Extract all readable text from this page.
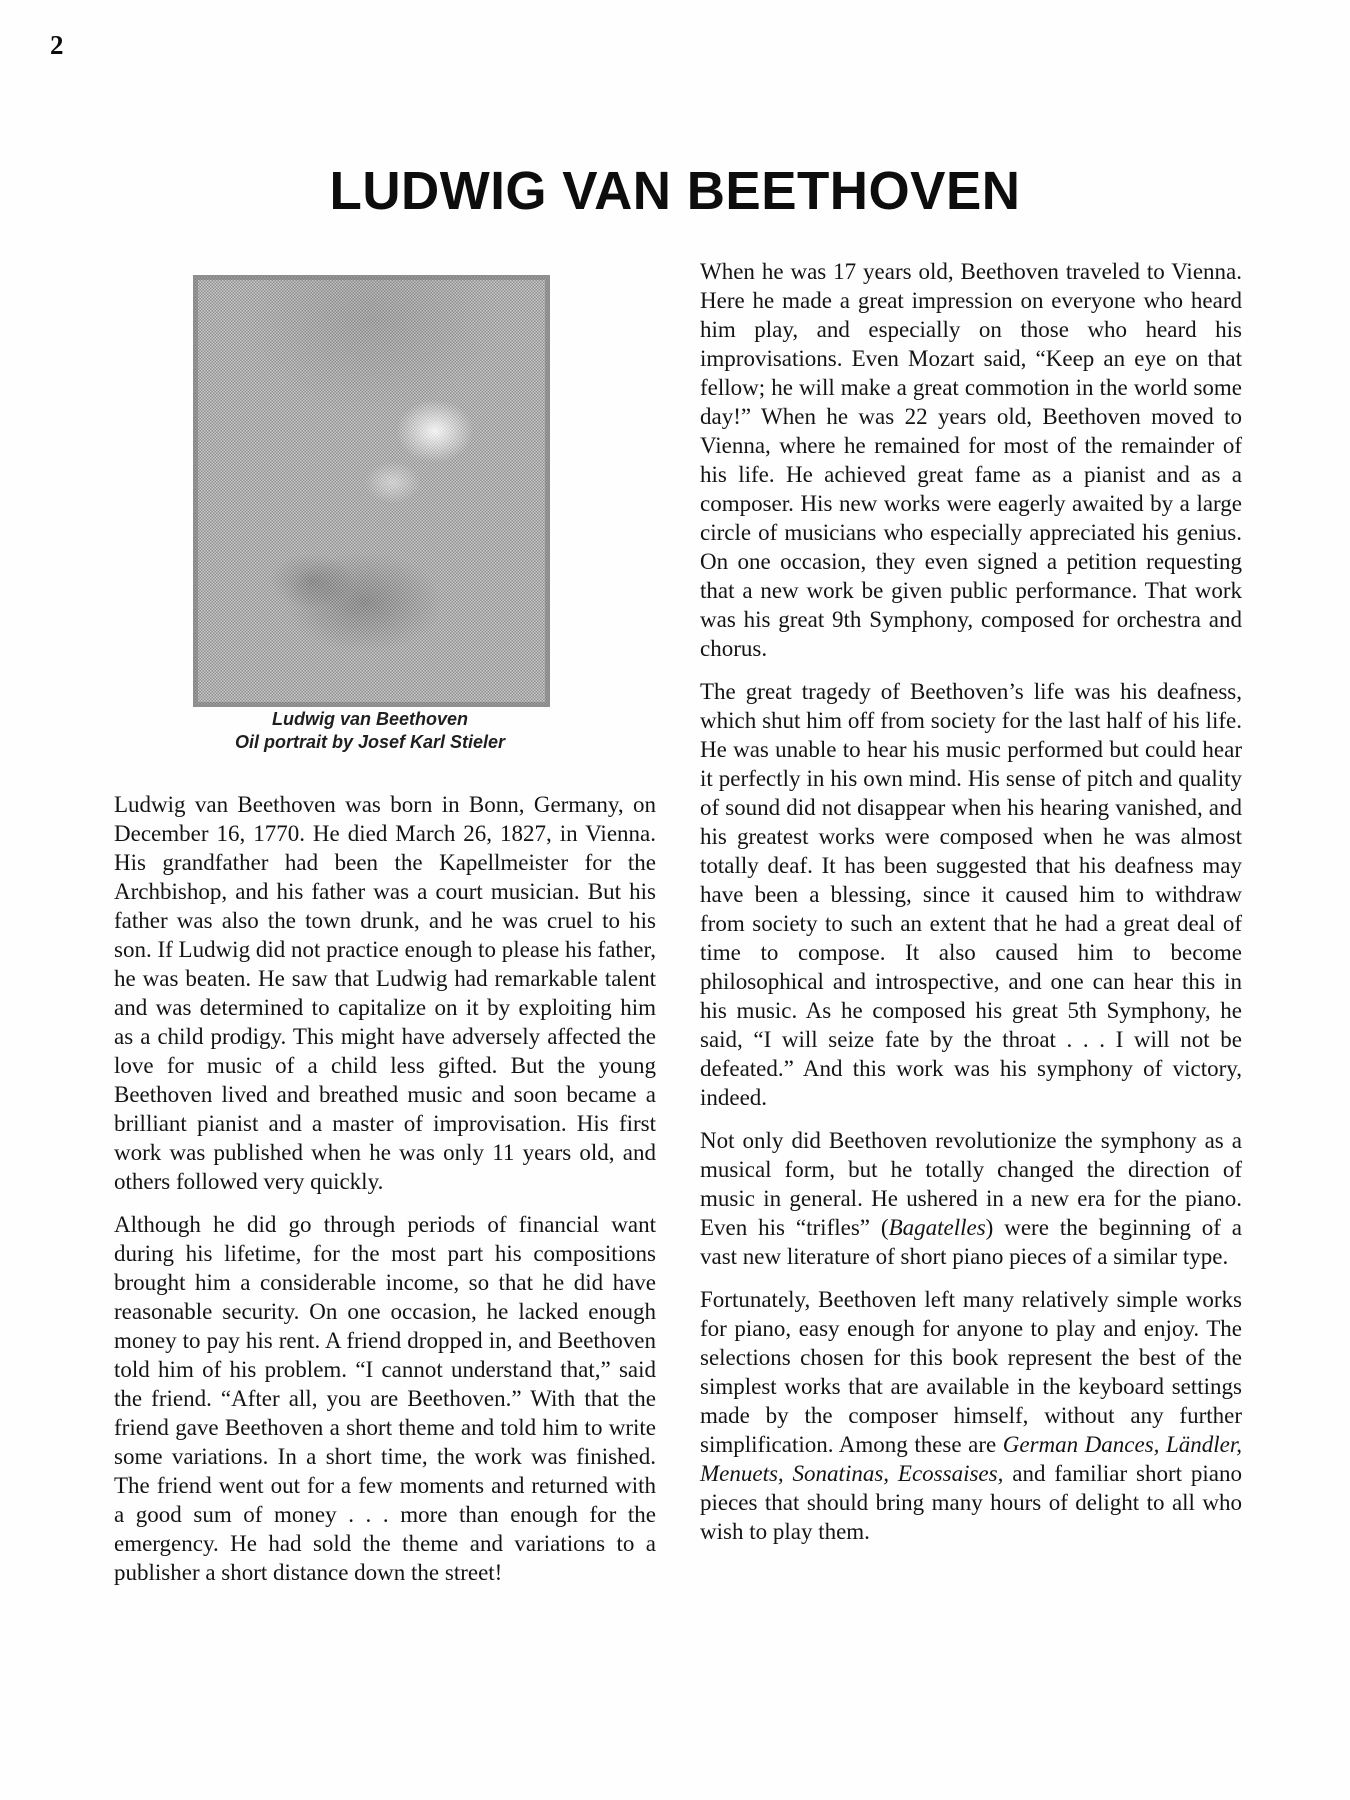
2
LUDWIG VAN BEETHOVEN
Ludwig van Beethoven
Oil portrait by Josef Karl Stieler

Ludwig van Beethoven was born in Bonn, Germany, on December 16, 1770. He died March 26, 1827, in Vienna. His grandfather had been the Kapellmeister for the Archbishop, and his father was a court musician. But his father was also the town drunk, and he was cruel to his son. If Ludwig did not practice enough to please his father, he was beaten. He saw that Ludwig had remarkable talent and was determined to capitalize on it by exploiting him as a child prodigy. This might have adversely affected the love for music of a child less gifted. But the young Beethoven lived and breathed music and soon became a brilliant pianist and a master of improvisation. His first work was published when he was only 11 years old, and others followed very quickly.

Although he did go through periods of financial want during his lifetime, for the most part his compositions brought him a considerable income, so that he did have reasonable security. On one occasion, he lacked enough money to pay his rent. A friend dropped in, and Beethoven told him of his problem. “I cannot understand that,” said the friend. “After all, you are Beethoven.” With that the friend gave Beethoven a short theme and told him to write some variations. In a short time, the work was finished. The friend went out for a few moments and returned with a good sum of money . . . more than enough for the emergency. He had sold the theme and variations to a publisher a short distance down the street!

When he was 17 years old, Beethoven traveled to Vienna. Here he made a great impression on everyone who heard him play, and especially on those who heard his improvisations. Even Mozart said, “Keep an eye on that fellow; he will make a great commotion in the world some day!” When he was 22 years old, Beethoven moved to Vienna, where he remained for most of the remainder of his life. He achieved great fame as a pianist and as a composer. His new works were eagerly awaited by a large circle of musicians who especially appreciated his genius. On one occasion, they even signed a petition requesting that a new work be given public performance. That work was his great 9th Symphony, composed for orchestra and chorus.

The great tragedy of Beethoven’s life was his deafness, which shut him off from society for the last half of his life. He was unable to hear his music performed but could hear it perfectly in his own mind. His sense of pitch and quality of sound did not disappear when his hearing vanished, and his greatest works were composed when he was almost totally deaf. It has been suggested that his deafness may have been a blessing, since it caused him to withdraw from society to such an extent that he had a great deal of time to compose. It also caused him to become philosophical and introspective, and one can hear this in his music. As he composed his great 5th Symphony, he said, “I will seize fate by the throat . . . I will not be defeated.” And this work was his symphony of victory, indeed.

Not only did Beethoven revolutionize the symphony as a musical form, but he totally changed the direction of music in general. He ushered in a new era for the piano. Even his “trifles” (Bagatelles) were the beginning of a vast new literature of short piano pieces of a similar type.

Fortunately, Beethoven left many relatively simple works for piano, easy enough for anyone to play and enjoy. The selections chosen for this book represent the best of the simplest works that are available in the keyboard settings made by the composer himself, without any further simplification. Among these are German Dances, Ländler, Menuets, Sonatinas, Ecossaises, and familiar short piano pieces that should bring many hours of delight to all who wish to play them.
